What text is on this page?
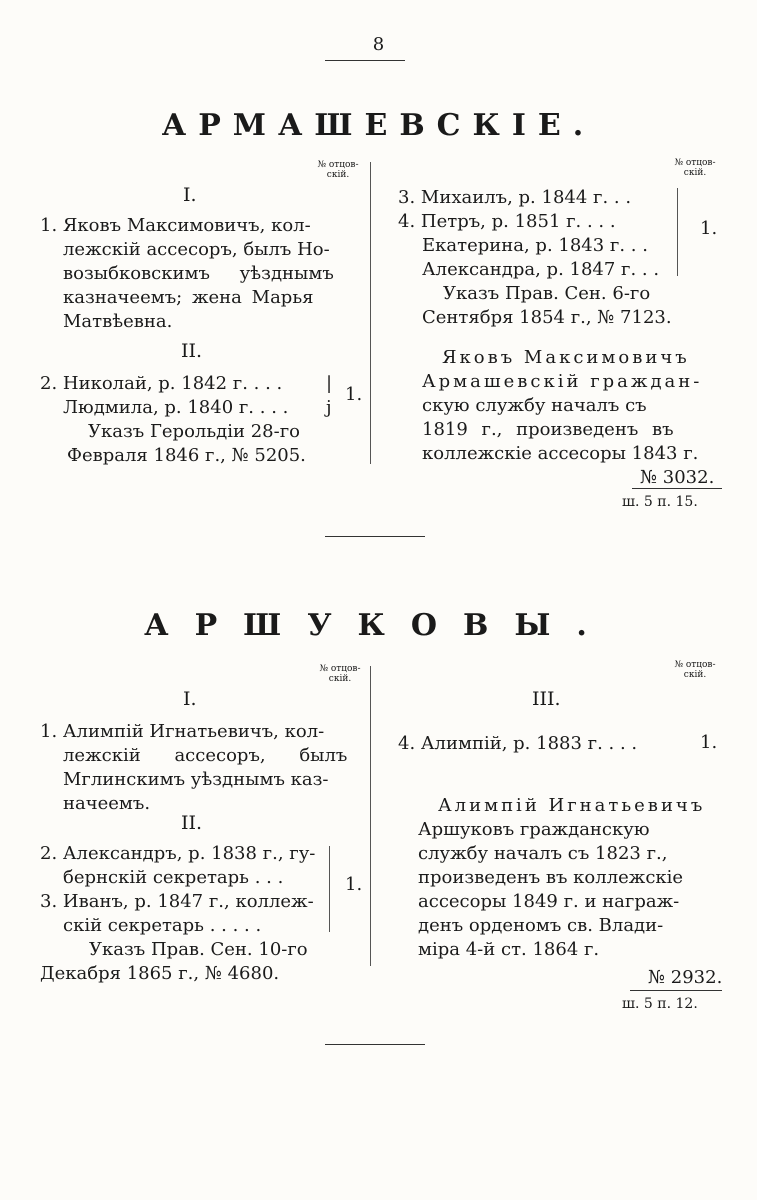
8
АРМАШЕВСКІЕ.
№ отцов-
скій.
№ отцов-
скій.
I.
1. Яковъ Максимовичъ, кол-
лежскій ассесоръ, былъ Но-
возыбковскимъ уѣзднымъ
казначеемъ; жена Марья
Матвѣевна.
II.
2. Николай, р. 1842 г. . . .
Людмила, р. 1840 г. . . .
|
j
1.
Указъ Герольдіи 28-го
Февраля 1846 г., № 5205.
3. Михаилъ, р. 1844 г. . .
4. Петръ, р. 1851 г. . . .
Екатерина, р. 1843 г. . .
Александра, р. 1847 г. . .
1.
Указъ Прав. Сен. 6-го
Сентября 1854 г., № 7123.
Яковъ Максимовичъ
Армашевскій граждан-
скую службу началъ съ
1819 г., произведенъ въ
коллежскіе ассесоры 1843 г.
№ 3032.
ш. 5 п. 15.
АРШУКОВЫ.
№ отцов-
скій.
№ отцов-
скій.
I.
1. Алимпій Игнатьевичъ, кол-
лежскій ассесоръ, былъ
Мглинскимъ уѣзднымъ каз-
начеемъ.
II.
2. Александръ, р. 1838 г., гу-
бернскій секретарь . . .
3. Иванъ, р. 1847 г., коллеж-
скій секретарь . . . . .
1.
Указъ Прав. Сен. 10-го
Декабря 1865 г., № 4680.
III.
4. Алимпій, р. 1883 г. . . .	1.
Алимпій Игнатьевичъ
Аршуковъ гражданскую
службу началъ съ 1823 г.,
произведенъ въ коллежскіе
ассесоры 1849 г. и награж-
денъ орденомъ св. Влади-
міра 4-й ст. 1864 г.
№ 2932.
ш. 5 п. 12.
